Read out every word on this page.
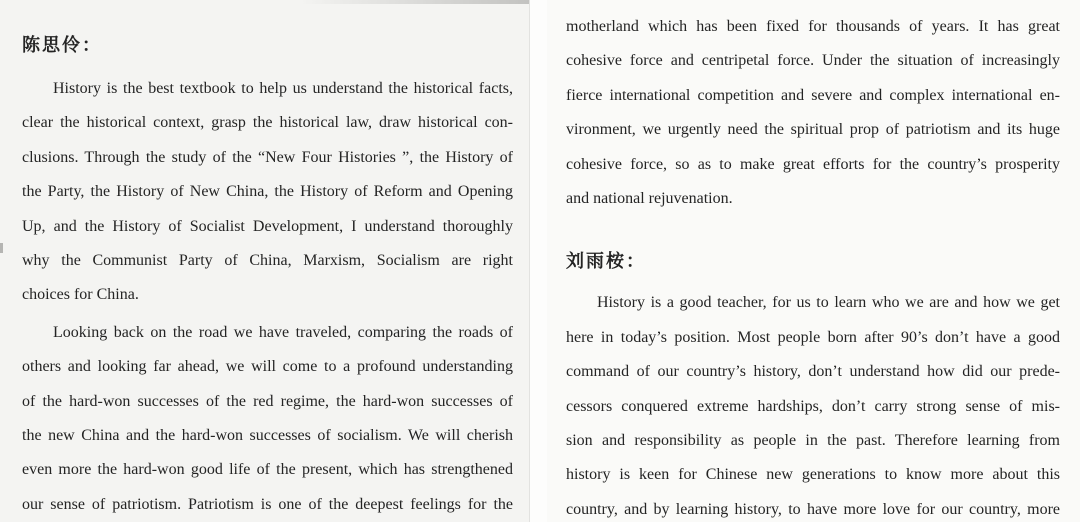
陈思伶：
History is the best textbook to help us understand the historical facts,
clear the historical context, grasp the historical law, draw historical con-
clusions. Through the study of the “New Four Histories ”, the History of
the Party, the History of New China, the History of Reform and Opening
Up, and the History of Socialist Development, I understand thoroughly
why the Communist Party of China, Marxism, Socialism are right
choices for China.
Looking back on the road we have traveled, comparing the roads of
others and looking far ahead, we will come to a profound understanding
of the hard-won successes of the red regime, the hard-won successes of
the new China and the hard-won successes of socialism. We will cherish
even more the hard-won good life of the present, which has strengthened
our sense of patriotism. Patriotism is one of the deepest feelings for the
motherland which has been fixed for thousands of years. It has great
cohesive force and centripetal force. Under the situation of increasingly
fierce international competition and severe and complex international en-
vironment, we urgently need the spiritual prop of patriotism and its huge
cohesive force, so as to make great efforts for the country’s prosperity
and national rejuvenation.
刘雨桉：
History is a good teacher, for us to learn who we are and how we get
here in today’s position. Most people born after 90’s don’t have a good
command of our country’s history, don’t understand how did our prede-
cessors conquered extreme hardships, don’t carry strong sense of mis-
sion and responsibility as people in the past. Therefore learning from
history is keen for Chinese new generations to know more about this
country, and by learning history, to have more love for our country, more
